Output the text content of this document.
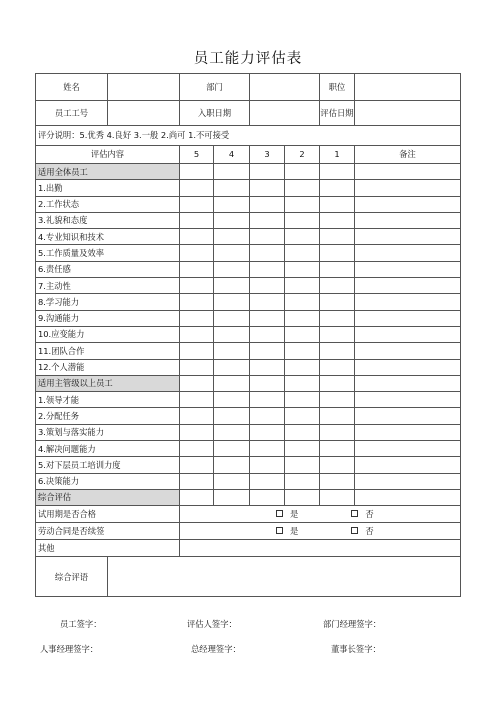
员工能力评估表
姓名		部门				职位	
员工工号		入职日期				评估日期	
评分说明：5.优秀 4.良好 3.一般 2.尚可 1.不可接受							
评估内容		5	4	3	2	1	备注
适用全体员工							
1.出勤							
2.工作状态							
3.礼貌和态度							
4.专业知识和技术							
5.工作质量及效率							
6.责任感							
7.主动性							
8.学习能力							
9.沟通能力							
10.应变能力							
11.团队合作							
12.个人潜能							
适用主管级以上员工							
1.领导才能							
2.分配任务							
3.策划与落实能力							
4.解决问题能力							
5.对下层员工培训力度							
6.决策能力							
综合评估							
试用期是否合格		是 否					

劳动合同是否续签		是 否					

其他							
综合评语							
员工签字：	评估人签字：	部门经理签字：
人事经理签字：	总经理签字：	董事长签字：
